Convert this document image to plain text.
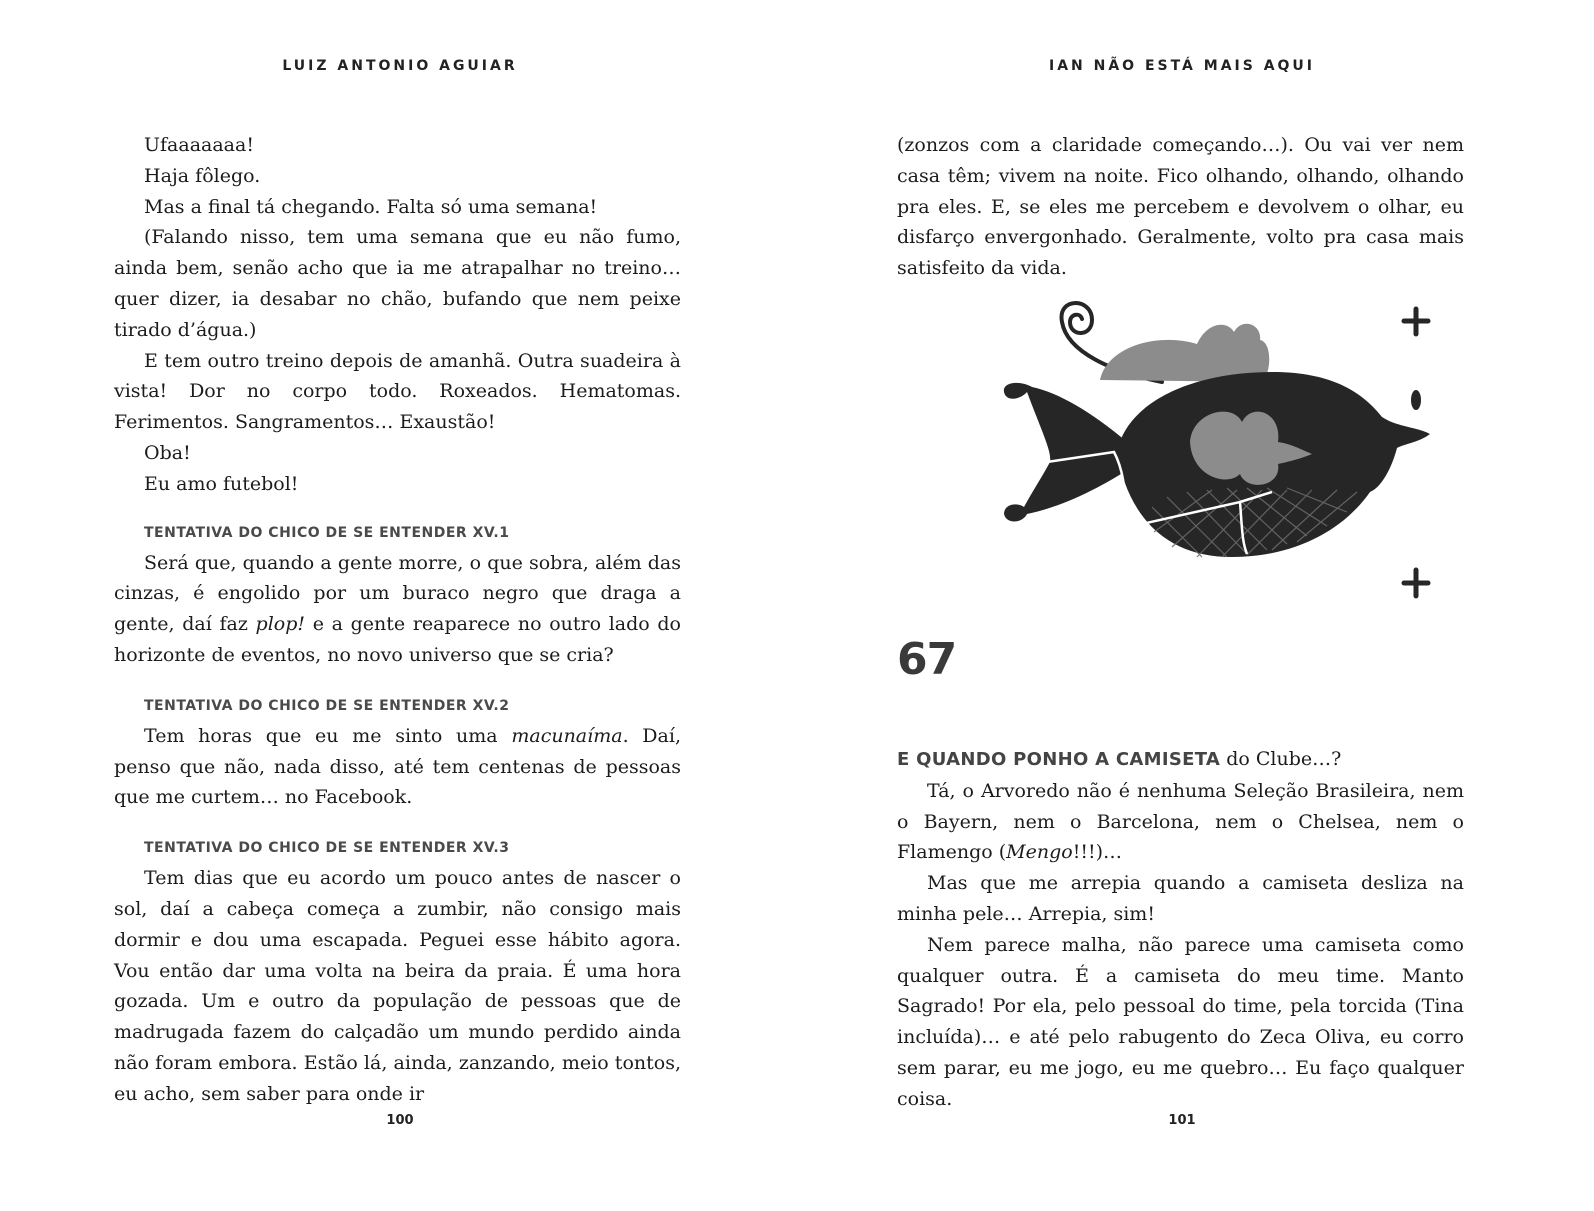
LUIZ ANTONIO AGUIAR

Ufaaaaaaa!

Haja fôlego.

Mas a final tá chegando. Falta só uma semana!

(Falando nisso, tem uma semana que eu não fumo, ainda bem, senão acho que ia me atrapalhar no treino… quer dizer, ia desabar no chão, bufando que nem peixe tirado d’água.)

E tem outro treino depois de amanhã. Outra suadeira à vista! Dor no corpo todo. Roxeados. Hematomas. Ferimentos. Sangramentos… Exaustão!

Oba!

Eu amo futebol!

TENTATIVA DO CHICO DE SE ENTENDER XV.1

Será que, quando a gente morre, o que sobra, além das cinzas, é engolido por um buraco negro que draga a gente, daí faz plop! e a gente reaparece no outro lado do horizonte de eventos, no novo universo que se cria?

TENTATIVA DO CHICO DE SE ENTENDER XV.2

Tem horas que eu me sinto uma macunaíma. Daí, penso que não, nada disso, até tem centenas de pessoas que me curtem… no Facebook.

TENTATIVA DO CHICO DE SE ENTENDER XV.3

Tem dias que eu acordo um pouco antes de nascer o sol, daí a cabeça começa a zumbir, não consigo mais dormir e dou uma escapada. Peguei esse hábito agora. Vou então dar uma volta na beira da praia. É uma hora gozada. Um e outro da população de pessoas que de madrugada fazem do calçadão um mundo perdido ainda não foram embora. Estão lá, ainda, zanzando, meio tontos, eu acho, sem saber para onde ir

100
IAN NÃO ESTÁ MAIS AQUI

(zonzos com a claridade começando…). Ou vai ver nem casa têm; vivem na noite. Fico olhando, olhando, olhando pra eles. E, se eles me percebem e devolvem o olhar, eu disfarço envergonhado. Geralmente, volto pra casa mais satisfeito da vida.

67

E QUANDO PONHO A CAMISETA do Clube…?

Tá, o Arvoredo não é nenhuma Seleção Brasileira, nem o Bayern, nem o Barcelona, nem o Chelsea, nem o Flamengo (Mengo!!!)…

Mas que me arrepia quando a camiseta desliza na minha pele… Arrepia, sim!

Nem parece malha, não parece uma camiseta como qualquer outra. É a camiseta do meu time. Manto Sagrado! Por ela, pelo pessoal do time, pela torcida (Tina incluída)… e até pelo rabugento do Zeca Oliva, eu corro sem parar, eu me jogo, eu me quebro… Eu faço qualquer coisa.

101
